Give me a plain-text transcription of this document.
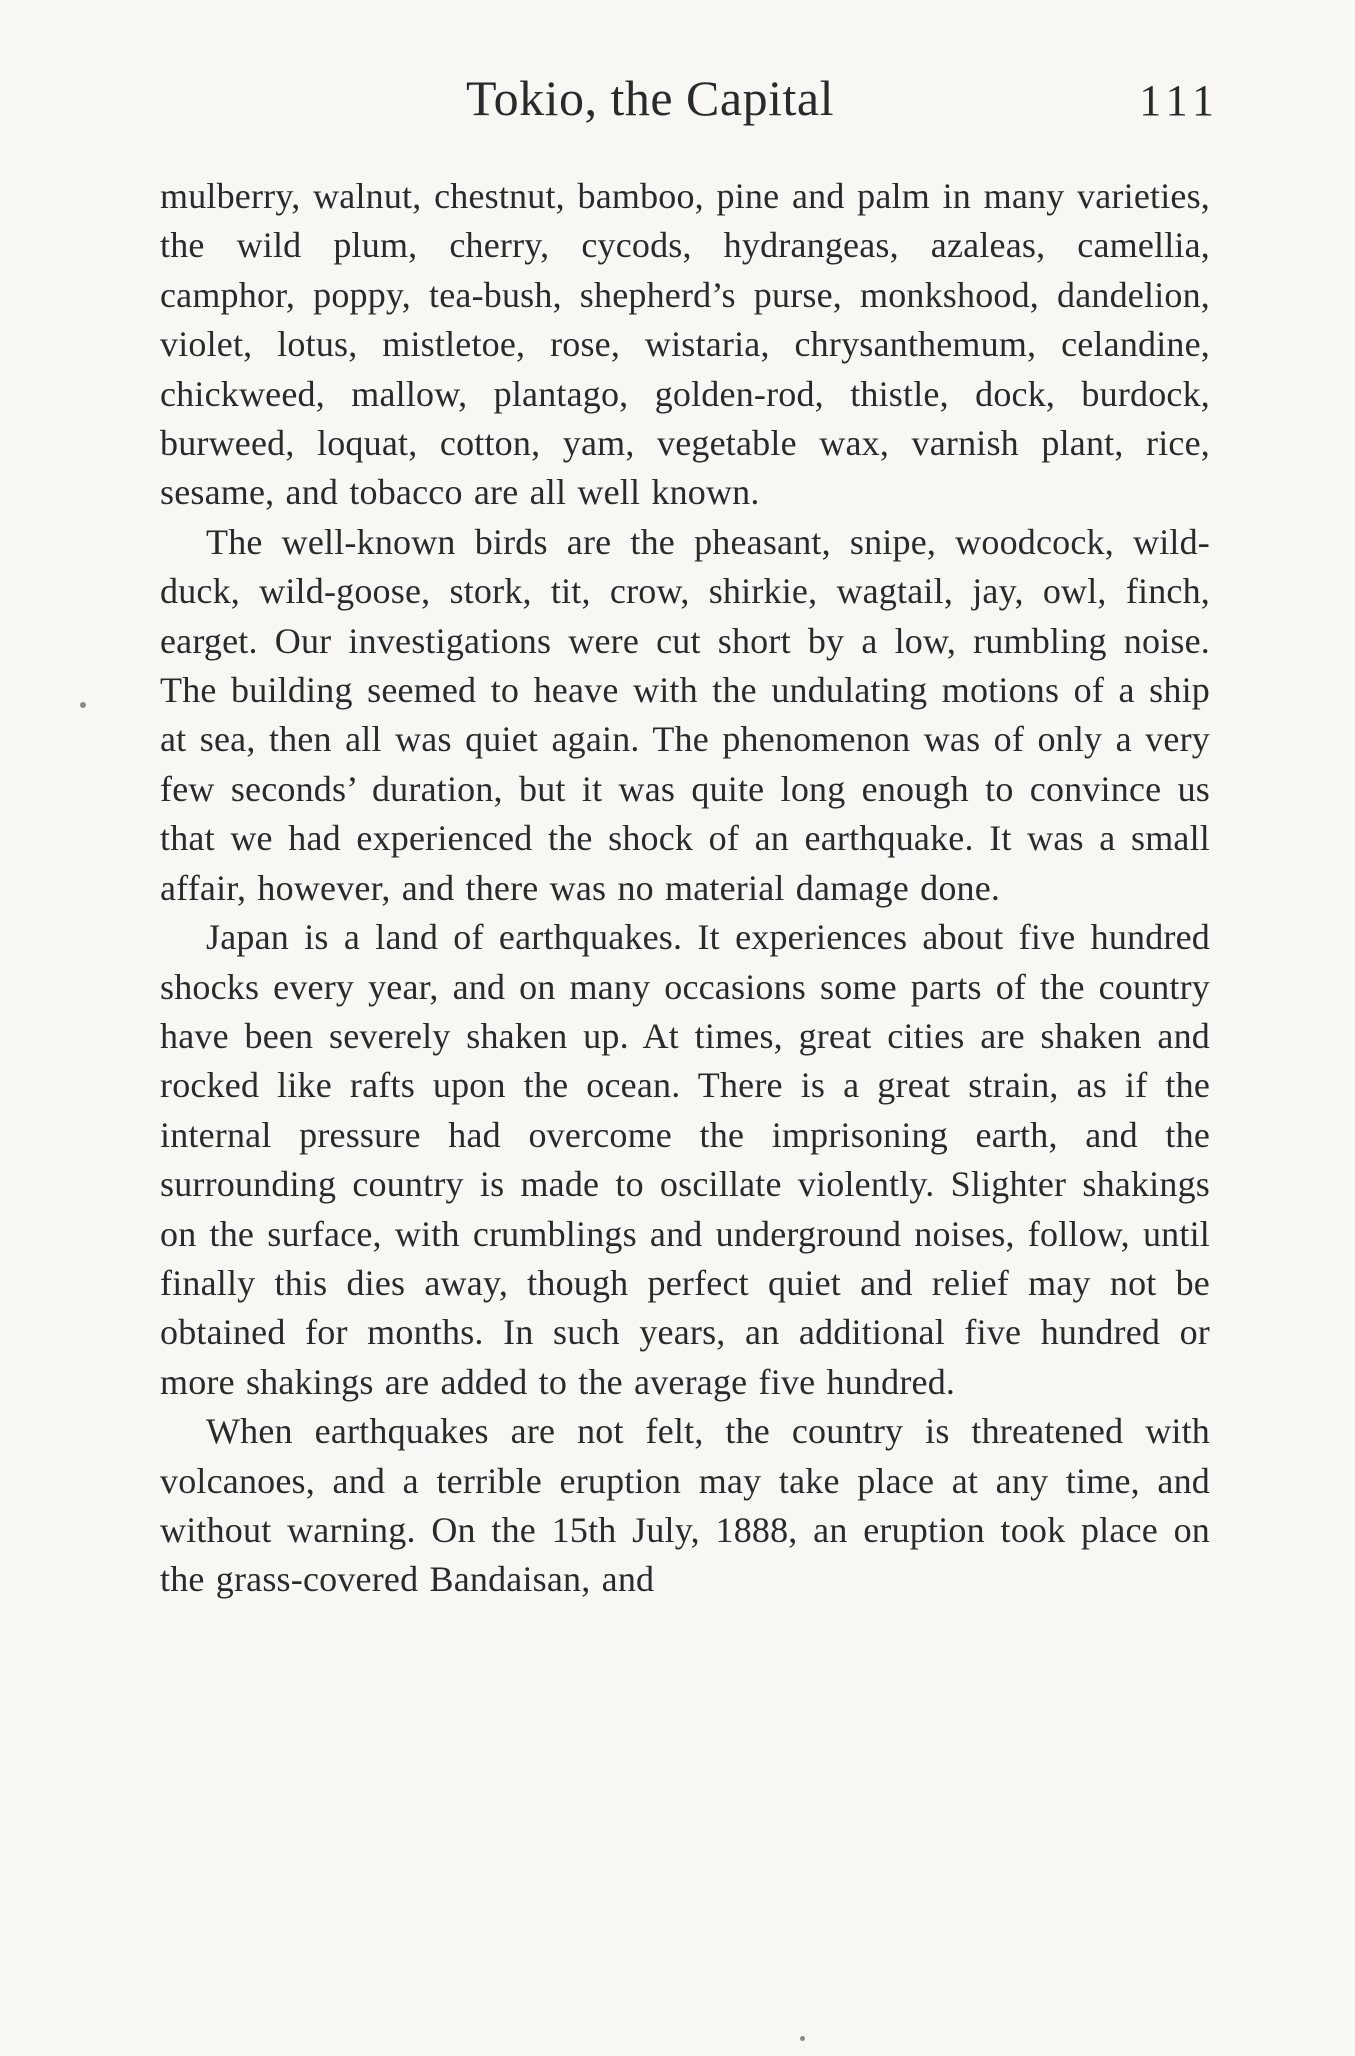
Tokio, the Capital	111

mulberry, walnut, chestnut, bamboo, pine and palm in many varieties, the wild plum, cherry, cycods, hydrangeas, azaleas, camellia, camphor, poppy, tea-bush, shepherd’s purse, monkshood, dandelion, violet, lotus, mistletoe, rose, wistaria, chrysanthemum, celandine, chickweed, mallow, plantago, golden-rod, thistle, dock, burdock, burweed, loquat, cotton, yam, vegetable wax, varnish plant, rice, sesame, and tobacco are all well known.

The well-known birds are the pheasant, snipe, woodcock, wild-duck, wild-goose, stork, tit, crow, shirkie, wagtail, jay, owl, finch, earget. Our investigations were cut short by a low, rumbling noise. The building seemed to heave with the undulating motions of a ship at sea, then all was quiet again. The phenomenon was of only a very few seconds’ duration, but it was quite long enough to convince us that we had experienced the shock of an earthquake. It was a small affair, however, and there was no material damage done.

Japan is a land of earthquakes. It experiences about five hundred shocks every year, and on many occasions some parts of the country have been severely shaken up. At times, great cities are shaken and rocked like rafts upon the ocean. There is a great strain, as if the internal pressure had overcome the imprisoning earth, and the surrounding country is made to oscillate violently. Slighter shakings on the surface, with crumblings and underground noises, follow, until finally this dies away, though perfect quiet and relief may not be obtained for months. In such years, an additional five hundred or more shakings are added to the average five hundred.

When earthquakes are not felt, the country is threatened with volcanoes, and a terrible eruption may take place at any time, and without warning. On the 15th July, 1888, an eruption took place on the grass-covered Bandaisan, and
